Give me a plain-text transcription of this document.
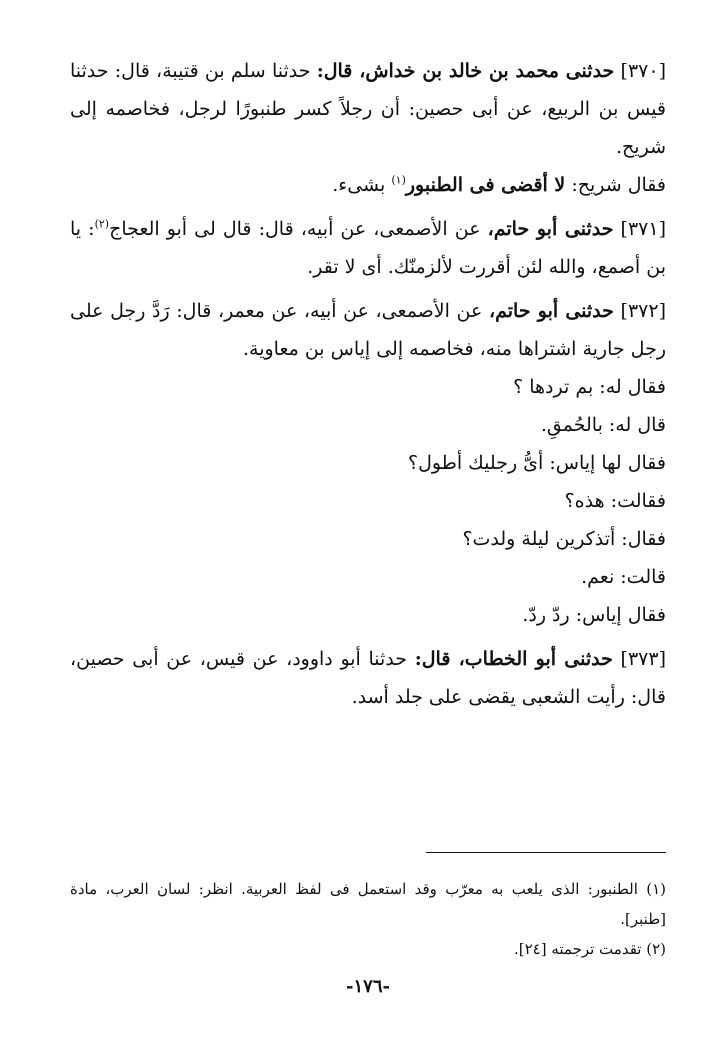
[٣٧٠] حدثنى محمد بن خالد بن خداش، قال: حدثنا سلم بن قتيبة، قال: حدثنا قيس بن الربيع، عن أبى حصين: أن رجلاً كسر طنبورًا لرجل، فخاصمه إلى شريح.

فقال شريح: لا أقضى فى الطنبور$^{(١)}$ بشىء.

[٣٧١] حدثنى أبو حاتم، عن الأصمعى، عن أبيه، قال: قال لى أبو العجاج$^{(٢)}$: يا بن أصمع، والله لئن أقررت لألزمنّك. أى لا تقر.

[٣٧٢] حدثنى أبو حاتم، عن الأصمعى، عن أبيه، عن معمر، قال: رَدَّ رجل على رجل جارية اشتراها منه، فخاصمه إلى إياس بن معاوية.

فقال له: بم تردها ؟

قال له: بالحُمقِ.

فقال لها إياس: أىُّ رجليك أطول؟

فقالت: هذه؟

فقال: أتذكرين ليلة ولدت؟

قالت: نعم.

فقال إياس: ردّ ردّ.

[٣٧٣] حدثنى أبو الخطاب، قال: حدثنا أبو داوود، عن قيس، عن أبى حصين، قال: رأيت الشعبى يقضى على جلد أسد.

(١) الطنبور: الذى يلعب به معرّب وقد استعمل فى لفظ العربية. انظر: لسان العرب، مادة [طنبر].

(٢) تقدمت ترجمته [٢٤].

-١٧٦-
